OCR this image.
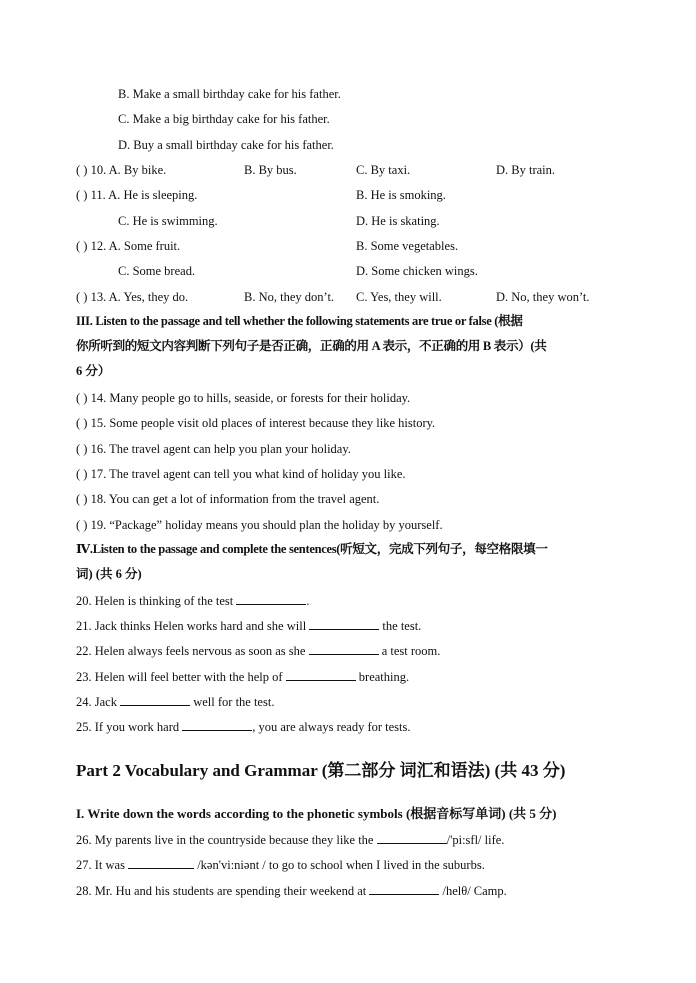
B. Make a small birthday cake for his father.
C. Make a big birthday cake for his father.
D. Buy a small birthday cake for his father.
( ) 10. A. By bike.	B. By bus.	C. By taxi.	D. By train.
( ) 11. A. He is sleeping.	B. He is smoking.
C. He is swimming.	D. He is skating.
( ) 12. A. Some fruit.	B. Some vegetables.
C. Some bread.	D. Some chicken wings.
( ) 13. A. Yes, they do.	B. No, they don’t. C. Yes, they will.	D. No, they won’t.
III. Listen to the passage and tell whether the following statements are true or false (根据
你所听到的短文内容判断下列句子是否正确，正确的用 A 表示，不正确的用 B 表示）(共
6 分）
( ) 14. Many people go to hills, seaside, or forests for their holiday.
( ) 15. Some people visit old places of interest because they like history.
( ) 16. The travel agent can help you plan your holiday.
( ) 17. The travel agent can tell you what kind of holiday you like.
( ) 18. You can get a lot of information from the travel agent.
( ) 19. “Package” holiday means you should plan the holiday by yourself.
Ⅳ.Listen to the passage and complete the sentences(听短文，完成下列句子，每空格限填一
词) (共 6 分)
20. Helen is thinking of the test	.
21. Jack thinks Helen works hard and she will	the test.
22. Helen always feels nervous as soon as she	a test room.
23. Helen will feel better with the help of	breathing.
24. Jack	well for the test.
25. If you work hard	, you are always ready for tests.
Part 2 Vocabulary and Grammar (第二部分 词汇和语法) (共 43 分)
I. Write down the words according to the phonetic symbols (根据音标写单词) (共 5 分)
26. My parents live in the countryside because they like the	/'pi:sfl/ life.
27. It was	/kən'vi:niənt / to go to school when I lived in the suburbs.
28. Mr. Hu and his students are spending their weekend at	/helθ/ Camp.
